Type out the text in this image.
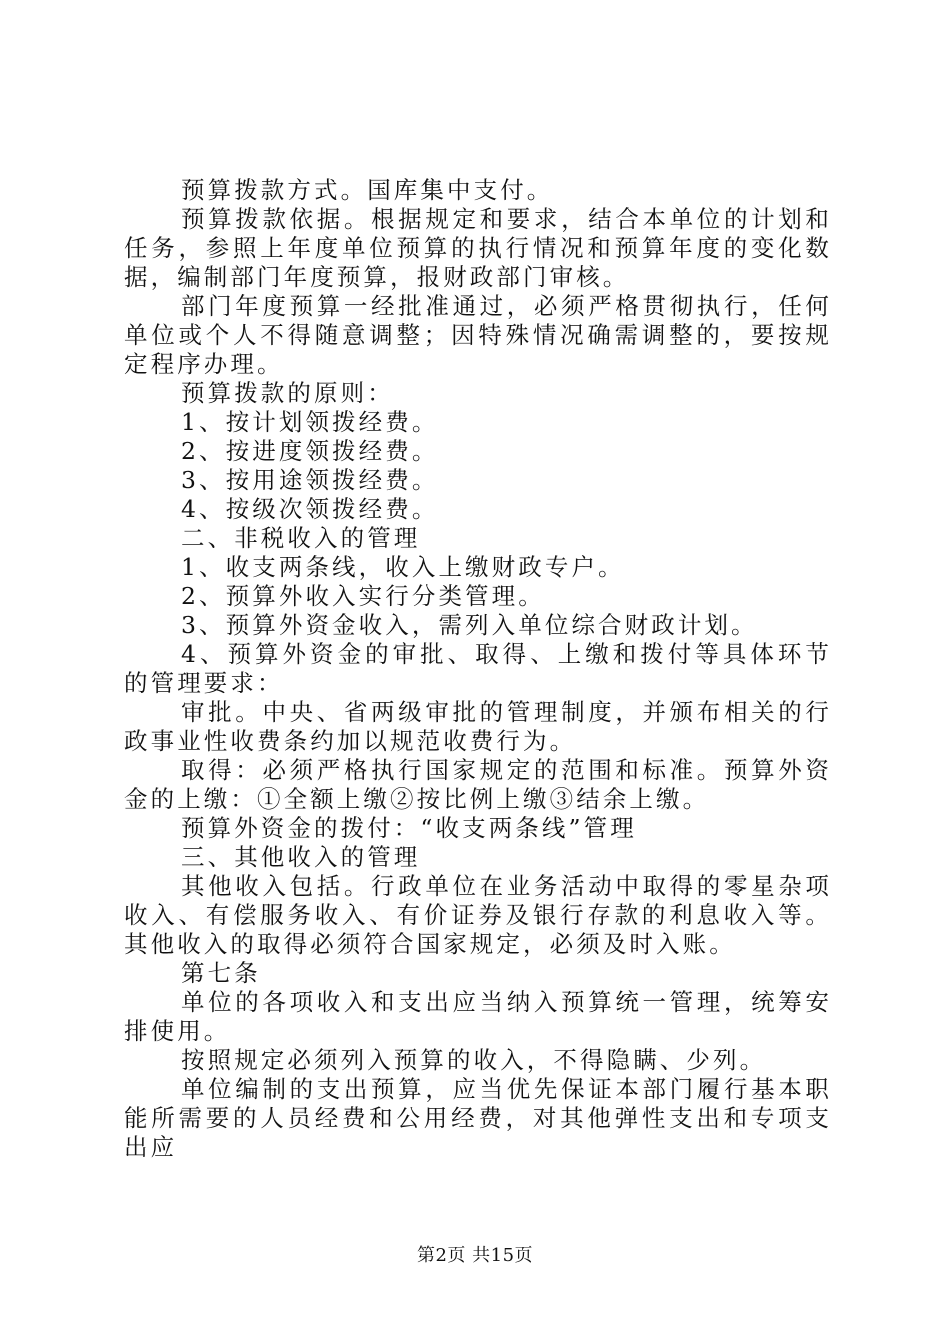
预算拨款方式。国库集中支付。

预算拨款依据。根据规定和要求，结合本单位的计划和任务，参照上年度单位预算的执行情况和预算年度的变化数据，编制部门年度预算，报财政部门审核。

部门年度预算一经批准通过，必须严格贯彻执行，任何单位或个人不得随意调整；因特殊情况确需调整的，要按规定程序办理。

预算拨款的原则：

1、按计划领拨经费。

2、按进度领拨经费。

3、按用途领拨经费。

4、按级次领拨经费。

二、非税收入的管理

1、收支两条线，收入上缴财政专户。

2、预算外收入实行分类管理。

3、预算外资金收入，需列入单位综合财政计划。

4、预算外资金的审批、取得、上缴和拨付等具体环节的管理要求：

审批。中央、省两级审批的管理制度，并颁布相关的行政事业性收费条约加以规范收费行为。

取得：必须严格执行国家规定的范围和标准。预算外资金的上缴：①全额上缴②按比例上缴③结余上缴。

预算外资金的拨付：“收支两条线”管理

三、其他收入的管理

其他收入包括。行政单位在业务活动中取得的零星杂项收入、有偿服务收入、有价证券及银行存款的利息收入等。其他收入的取得必须符合国家规定，必须及时入账。

第七条

单位的各项收入和支出应当纳入预算统一管理，统筹安排使用。

按照规定必须列入预算的收入，不得隐瞒、少列。

单位编制的支出预算，应当优先保证本部门履行基本职能所需要的人员经费和公用经费，对其他弹性支出和专项支出应

第2页 共15页
